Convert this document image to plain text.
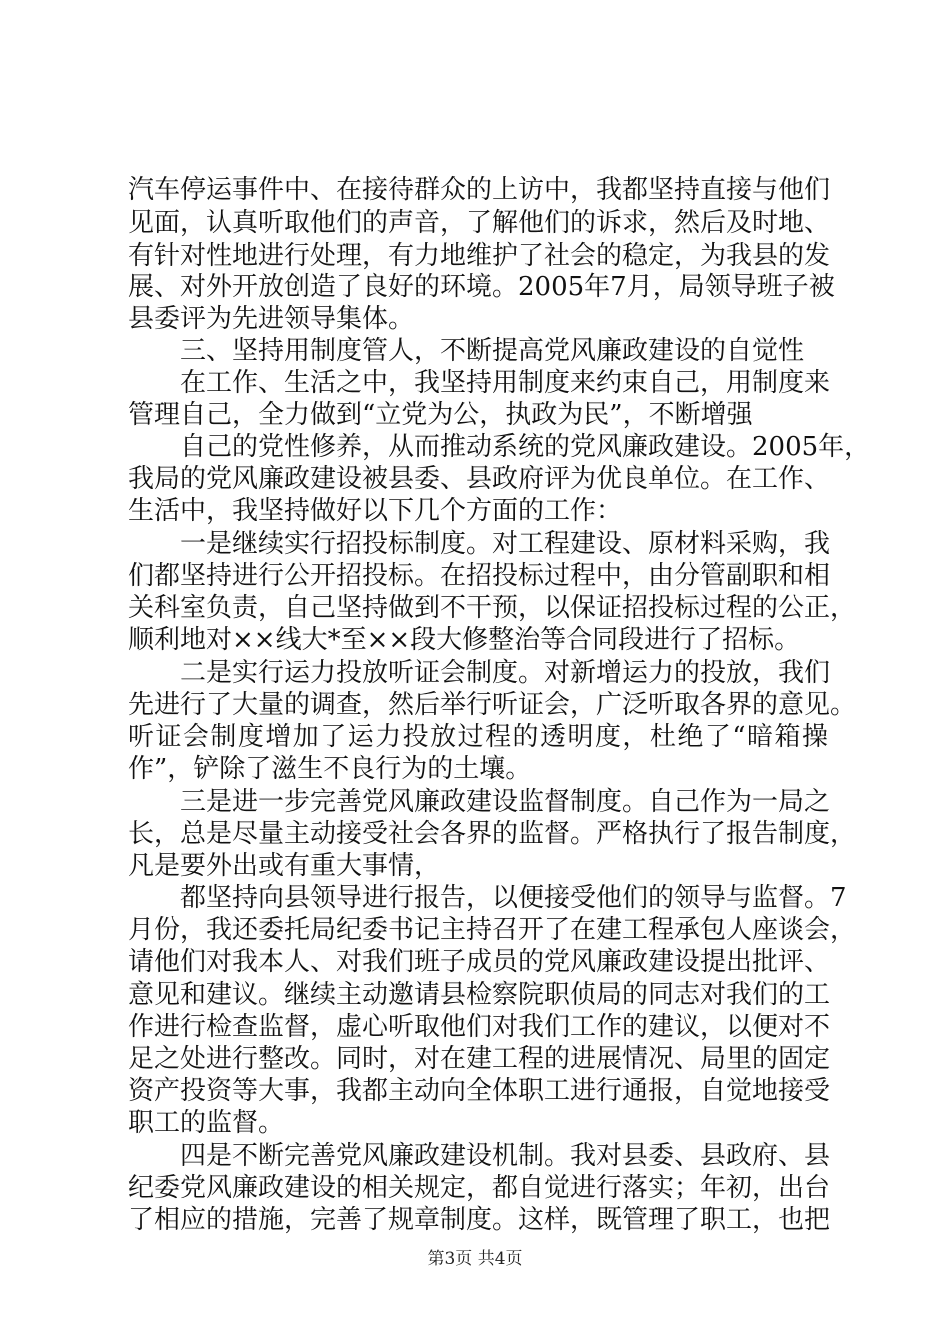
汽车停运事件中、在接待群众的上访中，我都坚持直接与他们
见面，认真听取他们的声音，了解他们的诉求，然后及时地、
有针对性地进行处理，有力地维护了社会的稳定，为我县的发
展、对外开放创造了良好的环境。2005年7月，局领导班子被
县委评为先进领导集体。
　　三、坚持用制度管人，不断提高党风廉政建设的自觉性
　　在工作、生活之中，我坚持用制度来约束自己，用制度来
管理自己，全力做到“立党为公，执政为民”，不断增强
　　自己的党性修养，从而推动系统的党风廉政建设。2005年，
我局的党风廉政建设被县委、县政府评为优良单位。在工作、
生活中，我坚持做好以下几个方面的工作：
　　一是继续实行招投标制度。对工程建设、原材料采购，我
们都坚持进行公开招投标。在招投标过程中，由分管副职和相
关科室负责，自己坚持做到不干预，以保证招投标过程的公正，
顺利地对××线大*至××段大修整治等合同段进行了招标。
　　二是实行运力投放听证会制度。对新增运力的投放，我们
先进行了大量的调查，然后举行听证会，广泛听取各界的意见。
听证会制度增加了运力投放过程的透明度，杜绝了“暗箱操
作”，铲除了滋生不良行为的土壤。
　　三是进一步完善党风廉政建设监督制度。自己作为一局之
长，总是尽量主动接受社会各界的监督。严格执行了报告制度，
凡是要外出或有重大事情，
　　都坚持向县领导进行报告，以便接受他们的领导与监督。7
月份，我还委托局纪委书记主持召开了在建工程承包人座谈会，
请他们对我本人、对我们班子成员的党风廉政建设提出批评、
意见和建议。继续主动邀请县检察院职侦局的同志对我们的工
作进行检查监督，虚心听取他们对我们工作的建议，以便对不
足之处进行整改。同时，对在建工程的进展情况、局里的固定
资产投资等大事，我都主动向全体职工进行通报，自觉地接受
职工的监督。
　　四是不断完善党风廉政建设机制。我对县委、县政府、县
纪委党风廉政建设的相关规定，都自觉进行落实；年初，出台
了相应的措施，完善了规章制度。这样，既管理了职工，也把
第3页 共4页
